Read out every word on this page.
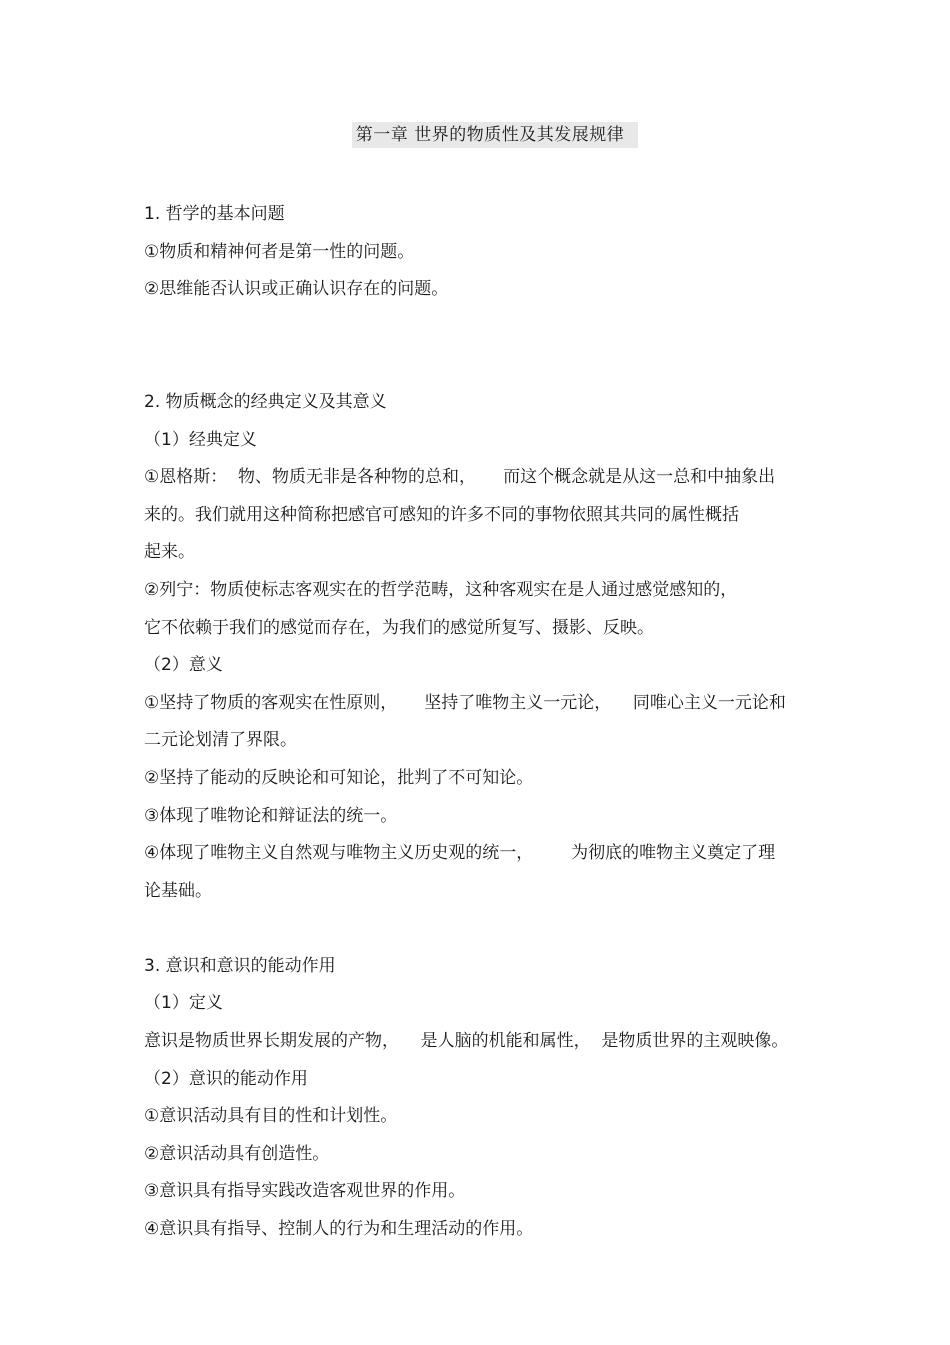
第一章 世界的物质性及其发展规律

1. 哲学的基本问题

①物质和精神何者是第一性的问题。

②思维能否认识或正确认识存在的问题。

2. 物质概念的经典定义及其意义

（1）经典定义

①恩格斯：  物、物质无非是各种物的总和，     而这个概念就是从这一总和中抽象出

来的。我们就用这种简称把感官可感知的许多不同的事物依照其共同的属性概括

起来。

②列宁：物质使标志客观实在的哲学范畴，这种客观实在是人通过感觉感知的，

它不依赖于我们的感觉而存在，为我们的感觉所复写、摄影、反映。

（2）意义

①坚持了物质的客观实在性原则，     坚持了唯物主义一元论，    同唯心主义一元论和

二元论划清了界限。

②坚持了能动的反映论和可知论，批判了不可知论。

③体现了唯物论和辩证法的统一。

④体现了唯物主义自然观与唯物主义历史观的统一，       为彻底的唯物主义奠定了理

论基础。

3. 意识和意识的能动作用

（1）定义

意识是物质世界长期发展的产物，    是人脑的机能和属性，  是物质世界的主观映像。

（2）意识的能动作用

①意识活动具有目的性和计划性。

②意识活动具有创造性。

③意识具有指导实践改造客观世界的作用。

④意识具有指导、控制人的行为和生理活动的作用。
